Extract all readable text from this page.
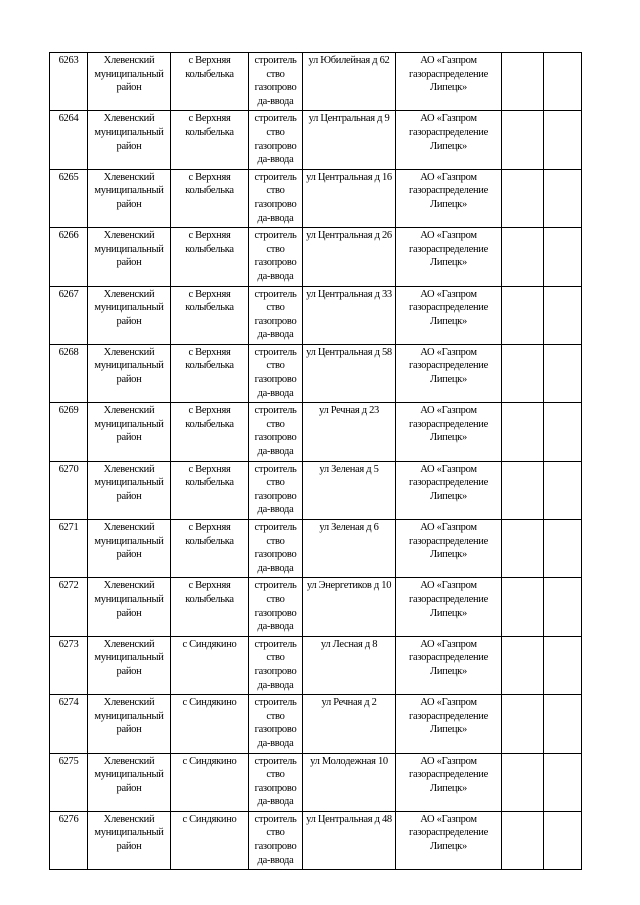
6263	Хлевенский муниципальный район	с Верхняя колыбелька	строитель ство газопрово да-ввода	ул Юбилейная д 62	АО «Газпром газораспределение Липецк»		
6264	Хлевенский муниципальный район	с Верхняя колыбелька	строитель ство газопрово да-ввода	ул Центральная д 9	АО «Газпром газораспределение Липецк»		
6265	Хлевенский муниципальный район	с Верхняя колыбелька	строитель ство газопрово да-ввода	ул Центральная д 16	АО «Газпром газораспределение Липецк»		
6266	Хлевенский муниципальный район	с Верхняя колыбелька	строитель ство газопрово да-ввода	ул Центральная д 26	АО «Газпром газораспределение Липецк»		
6267	Хлевенский муниципальный район	с Верхняя колыбелька	строитель ство газопрово да-ввода	ул Центральная д 33	АО «Газпром газораспределение Липецк»		
6268	Хлевенский муниципальный район	с Верхняя колыбелька	строитель ство газопрово да-ввода	ул Центральная д 58	АО «Газпром газораспределение Липецк»		
6269	Хлевенский муниципальный район	с Верхняя колыбелька	строитель ство газопрово да-ввода	ул Речная д 23	АО «Газпром газораспределение Липецк»		
6270	Хлевенский муниципальный район	с Верхняя колыбелька	строитель ство газопрово да-ввода	ул Зеленая д 5	АО «Газпром газораспределение Липецк»		
6271	Хлевенский муниципальный район	с Верхняя колыбелька	строитель ство газопрово да-ввода	ул Зеленая д 6	АО «Газпром газораспределение Липецк»		
6272	Хлевенский муниципальный район	с Верхняя колыбелька	строитель ство газопрово да-ввода	ул Энергетиков д 10	АО «Газпром газораспределение Липецк»		
6273	Хлевенский муниципальный район	с Синдякино	строитель ство газопрово да-ввода	ул Лесная д 8	АО «Газпром газораспределение Липецк»		
6274	Хлевенский муниципальный район	с Синдякино	строитель ство газопрово да-ввода	ул Речная д 2	АО «Газпром газораспределение Липецк»		
6275	Хлевенский муниципальный район	с Синдякино	строитель ство газопрово да-ввода	ул Молодежная 10	АО «Газпром газораспределение Липецк»		
6276	Хлевенский муниципальный район	с Синдякино	строитель ство газопрово да-ввода	ул Центральная д 48	АО «Газпром газораспределение Липецк»		
